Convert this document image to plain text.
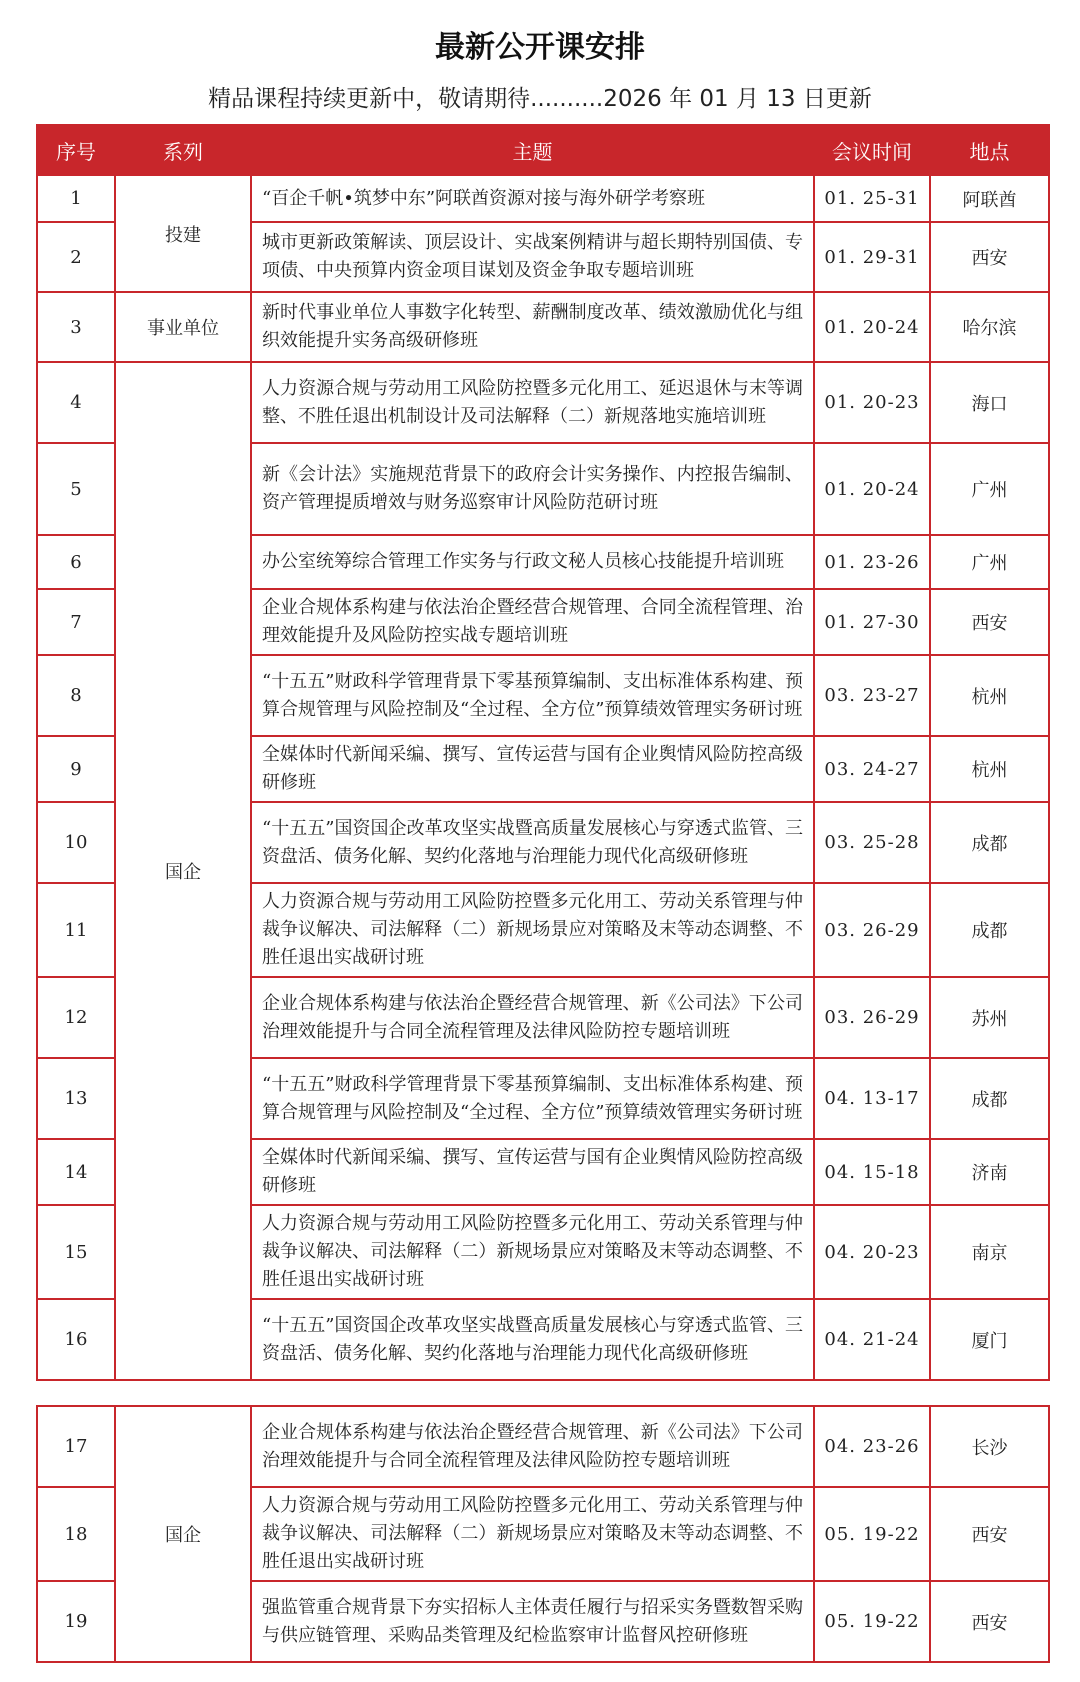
最新公开课安排
精品课程持续更新中，敬请期待..........2026 年 01 月 13 日更新
序号	系列	主题	会议时间	地点
1	投建	“百企千帆•筑梦中东”阿联酋资源对接与海外研学考察班	01. 25-31	阿联酋
2		城市更新政策解读、顶层设计、实战案例精讲与超长期特别国债、专项债、中央预算内资金项目谋划及资金争取专题培训班	01. 29-31	西安
3	事业单位	新时代事业单位人事数字化转型、薪酬制度改革、绩效激励优化与组织效能提升实务高级研修班	01. 20-24	哈尔滨
4	国企	人力资源合规与劳动用工风险防控暨多元化用工、延迟退休与末等调整、不胜任退出机制设计及司法解释（二）新规落地实施培训班	01. 20-23	海口
5		新《会计法》实施规范背景下的政府会计实务操作、内控报告编制、资产管理提质增效与财务巡察审计风险防范研讨班	01. 20-24	广州
6		办公室统筹综合管理工作实务与行政文秘人员核心技能提升培训班	01. 23-26	广州
7		企业合规体系构建与依法治企暨经营合规管理、合同全流程管理、治理效能提升及风险防控实战专题培训班	01. 27-30	西安
8		“十五五”财政科学管理背景下零基预算编制、支出标准体系构建、预算合规管理与风险控制及“全过程、全方位”预算绩效管理实务研讨班	03. 23-27	杭州
9		全媒体时代新闻采编、撰写、宣传运营与国有企业舆情风险防控高级研修班	03. 24-27	杭州
10		“十五五”国资国企改革攻坚实战暨高质量发展核心与穿透式监管、三资盘活、债务化解、契约化落地与治理能力现代化高级研修班	03. 25-28	成都
11		人力资源合规与劳动用工风险防控暨多元化用工、劳动关系管理与仲裁争议解决、司法解释（二）新规场景应对策略及末等动态调整、不胜任退出实战研讨班	03. 26-29	成都
12		企业合规体系构建与依法治企暨经营合规管理、新《公司法》下公司治理效能提升与合同全流程管理及法律风险防控专题培训班	03. 26-29	苏州
13		“十五五”财政科学管理背景下零基预算编制、支出标准体系构建、预算合规管理与风险控制及“全过程、全方位”预算绩效管理实务研讨班	04. 13-17	成都
14		全媒体时代新闻采编、撰写、宣传运营与国有企业舆情风险防控高级研修班	04. 15-18	济南
15		人力资源合规与劳动用工风险防控暨多元化用工、劳动关系管理与仲裁争议解决、司法解释（二）新规场景应对策略及末等动态调整、不胜任退出实战研讨班	04. 20-23	南京
16		“十五五”国资国企改革攻坚实战暨高质量发展核心与穿透式监管、三资盘活、债务化解、契约化落地与治理能力现代化高级研修班	04. 21-24	厦门
17	国企	企业合规体系构建与依法治企暨经营合规管理、新《公司法》下公司治理效能提升与合同全流程管理及法律风险防控专题培训班	04. 23-26	长沙
18		人力资源合规与劳动用工风险防控暨多元化用工、劳动关系管理与仲裁争议解决、司法解释（二）新规场景应对策略及末等动态调整、不胜任退出实战研讨班	05. 19-22	西安
19		强监管重合规背景下夯实招标人主体责任履行与招采实务暨数智采购与供应链管理、采购品类管理及纪检监察审计监督风控研修班	05. 19-22	西安
